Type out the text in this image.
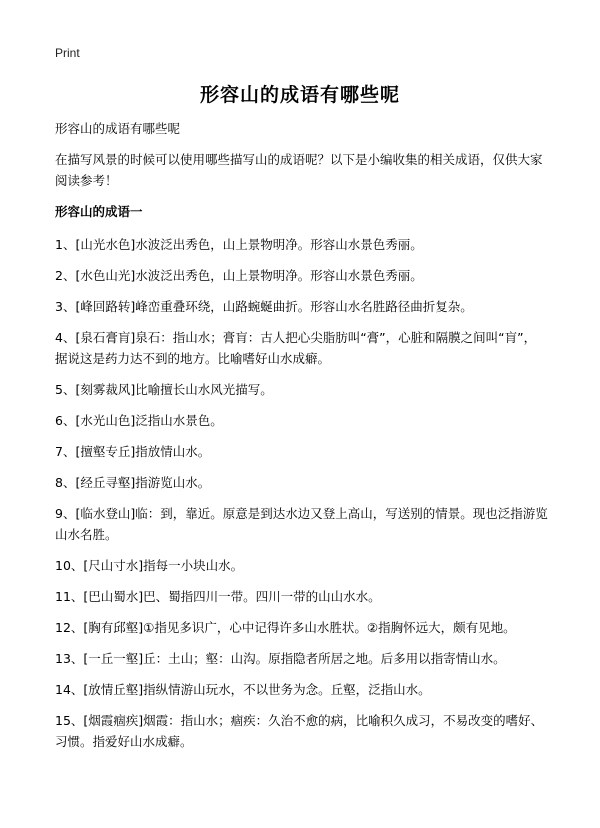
Print
形容山的成语有哪些呢

形容山的成语有哪些呢

在描写风景的时候可以使用哪些描写山的成语呢？以下是小编收集的相关成语，仅供大家阅读参考！

形容山的成语一

1、[山光水色]水波泛出秀色，山上景物明净。形容山水景色秀丽。
2、[水色山光]水波泛出秀色，山上景物明净。形容山水景色秀丽。
3、[峰回路转]峰峦重叠环绕，山路蜿蜒曲折。形容山水名胜路径曲折复杂。
4、[泉石膏肓]泉石：指山水；膏肓：古人把心尖脂肪叫“膏”，心脏和隔膜之间叫“肓”，据说这是药力达不到的地方。比喻嗜好山水成癖。
5、[刻雾裁风]比喻擅长山水风光描写。
6、[水光山色]泛指山水景色。
7、[擅壑专丘]指放情山水。
8、[经丘寻壑]指游览山水。
9、[临水登山]临：到，靠近。原意是到达水边又登上高山，写送别的情景。现也泛指游览山水名胜。
10、[尺山寸水]指每一小块山水。
11、[巴山蜀水]巴、蜀指四川一带。四川一带的山山水水。
12、[胸有邱壑]①指见多识广，心中记得许多山水胜状。②指胸怀远大，颇有见地。
13、[一丘一壑]丘：土山；壑：山沟。原指隐者所居之地。后多用以指寄情山水。
14、[放情丘壑]指纵情游山玩水，不以世务为念。丘壑，泛指山水。
15、[烟霞痼疾]烟霞：指山水；痼疾：久治不愈的病，比喻积久成习，不易改变的嗜好、习惯。指爱好山水成癖。
